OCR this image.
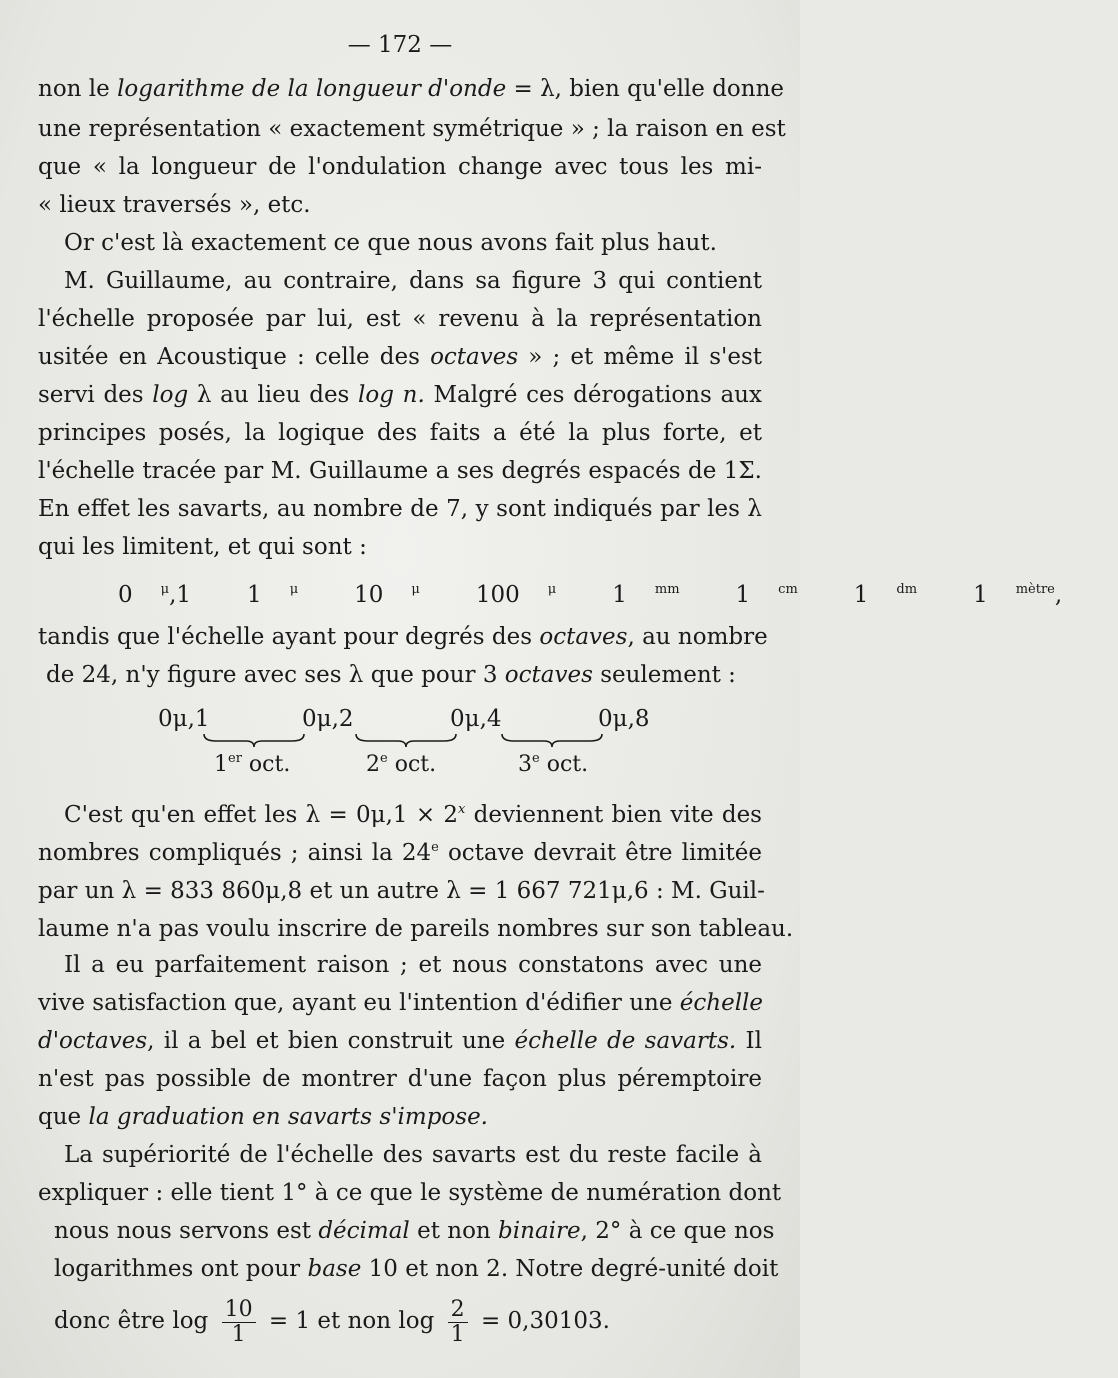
— 172 —
non le logarithme de la longueur d'onde = λ, bien qu'elle donne
une représentation « exactement symétrique » ; la raison en est
que « la longueur de l'ondulation change avec tous les mi-
« lieux traversés », etc.
Or c'est là exactement ce que nous avons fait plus haut.
M. Guillaume, au contraire, dans sa figure 3 qui contient
l'échelle proposée par lui, est « revenu à la représentation
usitée en Acoustique : celle des octaves » ; et même il s'est
servi des log λ au lieu des log n. Malgré ces dérogations aux
principes posés, la logique des faits a été la plus forte, et
l'échelle tracée par M. Guillaume a ses degrés espacés de 1Σ.
En effet les savarts, au nombre de 7, y sont indiqués par les λ
qui les limitent, et qui sont :
0 $^\mu$,1 1 $^\mu$ 10 $^\mu$ 100 $^\mu$ 1 $^{mm}$ 1 $^{cm}$ 1 $^{dm}$ 1 $^{mètre}$,
tandis que l'échelle ayant pour degrés des octaves, au nombre
de 24, n'y figure avec ses λ que pour 3 octaves seulement :
0μ,1	0μ,2	0μ,4	0μ,8
1er oct.	2e oct.	3e oct.
C'est qu'en effet les $\lambda = 0\mu,1 \times 2^x$ deviennent bien vite des
nombres compliqués ; ainsi la 24e octave devrait être limitée
par un λ = 833 860μ,8 et un autre λ = 1 667 721μ,6 : M. Guil-
laume n'a pas voulu inscrire de pareils nombres sur son tableau.
Il a eu parfaitement raison ; et nous constatons avec une
vive satisfaction que, ayant eu l'intention d'édifier une échelle
d'octaves, il a bel et bien construit une échelle de savarts. Il
n'est pas possible de montrer d'une façon plus péremptoire
que la graduation en savarts s'impose.
La supériorité de l'échelle des savarts est du reste facile à
expliquer : elle tient 1° à ce que le système de numération dont
nous nous servons est décimal et non binaire, 2° à ce que nos
logarithmes ont pour base 10 et non 2. Notre degré-unité doit
donc être $\log \frac{10}{1} = 1$ et non $\log \frac{2}{1} = 0,30103$.
